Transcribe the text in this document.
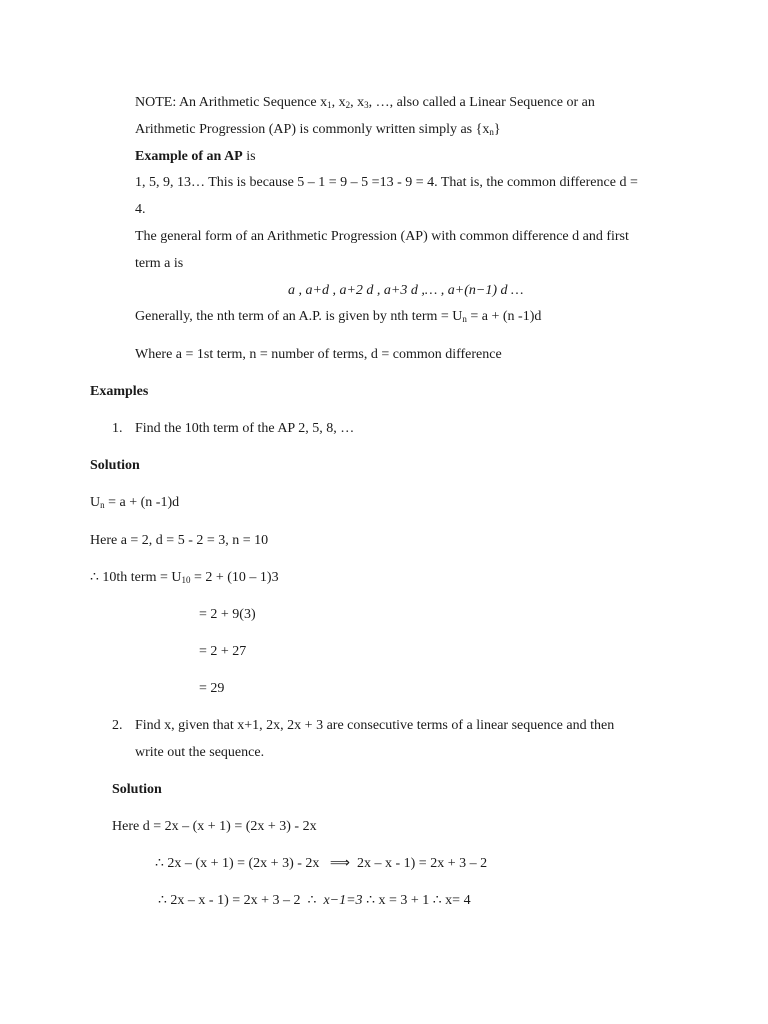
NOTE: An Arithmetic Sequence $x_1$, $x_2$, $x_3$, …, also called a Linear Sequence or an
Arithmetic Progression (AP) is commonly written simply as $\{x_n\}$
Example of an AP is
1, 5, 9, 13… This is because 5 – 1 = 9 – 5 =13 - 9 = 4. That is, the common difference d =
4.
The general form of an Arithmetic Progression (AP) with common difference d and first
term a is
a , a+d , a+2 d , a+3 d ,… , a+(n−1) d …
Generally, the nth term of an A.P. is given by nth term = $U_n = a + (n$ -1)d
Where a = 1st term, n = number of terms, d = common difference
Examples
1. Find the 10th term of the AP 2, 5, 8, …
Solution
$U_n = a + (n$ -1)d
Here a = 2, d = 5 - 2 = 3, n = 10
∴ 10th term = $U_{10} = 2 + (10 - 1)3$
= 2 + 9(3)
= 2 + 27
= 29
2. Find x, given that x+1, 2x, 2x + 3 are consecutive terms of a linear sequence and then
write out the sequence.
Solution
Here d = 2x – (x + 1) = (2x + 3) - 2x
∴ 2x – (x + 1) = (2x + 3) - 2x ⟹ 2x – x - 1) = 2x + 3 – 2
∴ 2x – x - 1) = 2x + 3 – 2 ∴ x−1=3 ∴ x = 3 + 1 ∴ x= 4
